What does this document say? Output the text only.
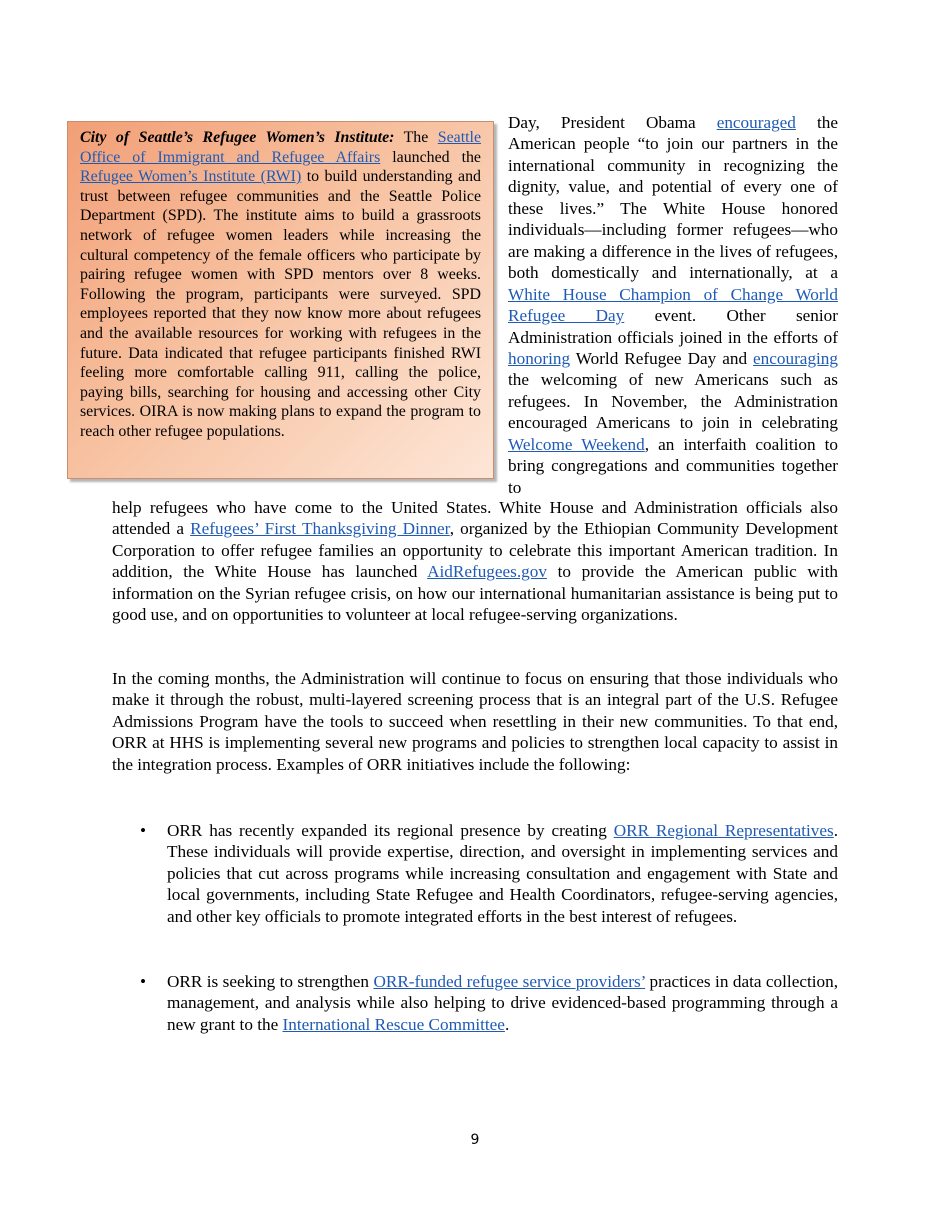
City of Seattle’s Refugee Women’s Institute: The Seattle Office of Immigrant and Refugee Affairs launched the Refugee Women’s Institute (RWI) to build understanding and trust between refugee communities and the Seattle Police Department (SPD). The institute aims to build a grassroots network of refugee women leaders while increasing the cultural competency of the female officers who participate by pairing refugee women with SPD mentors over 8 weeks. Following the program, participants were surveyed. SPD employees reported that they now know more about refugees and the available resources for working with refugees in the future. Data indicated that refugee participants finished RWI feeling more comfortable calling 911, calling the police, paying bills, searching for housing and accessing other City services. OIRA is now making plans to expand the program to reach other refugee populations.
Day, President Obama encouraged the American people “to join our partners in the international community in recognizing the dignity, value, and potential of every one of these lives.” The White House honored individuals—including former refugees—who are making a difference in the lives of refugees, both domestically and internationally, at a White House Champion of Change World Refugee Day event. Other senior Administration officials joined in the efforts of honoring World Refugee Day and encouraging the welcoming of new Americans such as refugees. In November, the Administration encouraged Americans to join in celebrating Welcome Weekend, an interfaith coalition to bring congregations and communities together to
help refugees who have come to the United States. White House and Administration officials also attended a Refugees’ First Thanksgiving Dinner, organized by the Ethiopian Community Development Corporation to offer refugee families an opportunity to celebrate this important American tradition. In addition, the White House has launched AidRefugees.gov to provide the American public with information on the Syrian refugee crisis, on how our international humanitarian assistance is being put to good use, and on opportunities to volunteer at local refugee-serving organizations.
In the coming months, the Administration will continue to focus on ensuring that those individuals who make it through the robust, multi-layered screening process that is an integral part of the U.S. Refugee Admissions Program have the tools to succeed when resettling in their new communities. To that end, ORR at HHS is implementing several new programs and policies to strengthen local capacity to assist in the integration process. Examples of ORR initiatives include the following:
• ORR has recently expanded its regional presence by creating ORR Regional Representatives. These individuals will provide expertise, direction, and oversight in implementing services and policies that cut across programs while increasing consultation and engagement with State and local governments, including State Refugee and Health Coordinators, refugee-serving agencies, and other key officials to promote integrated efforts in the best interest of refugees.
• ORR is seeking to strengthen ORR-funded refugee service providers’ practices in data collection, management, and analysis while also helping to drive evidenced-based programming through a new grant to the International Rescue Committee.
9
